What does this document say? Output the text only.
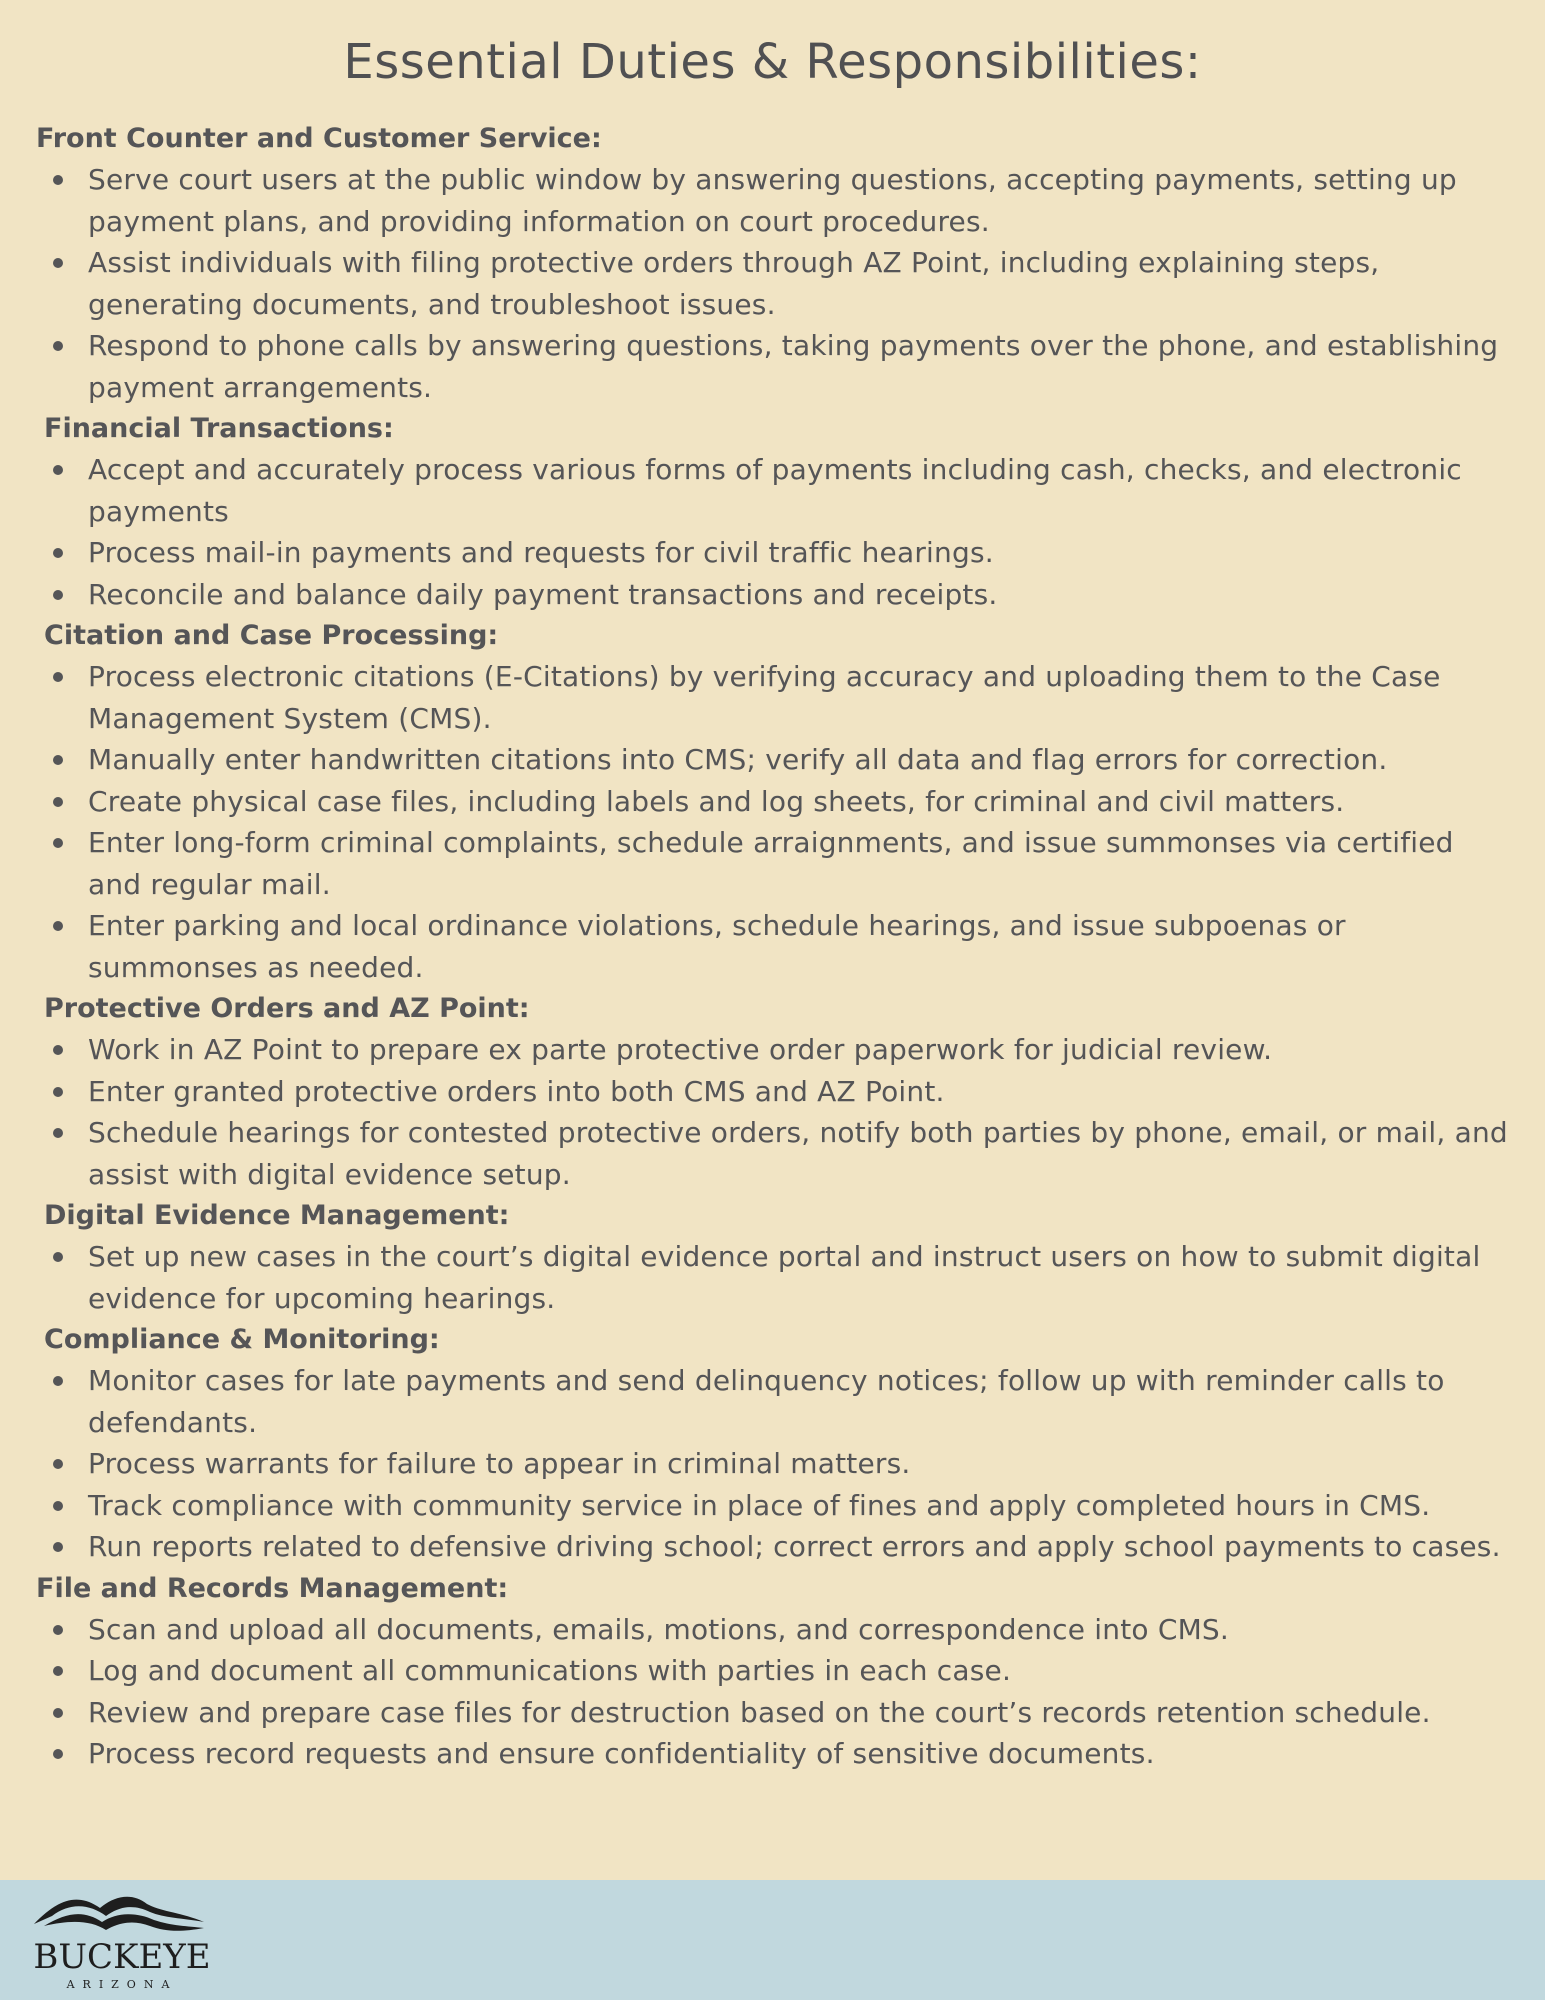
Essential Duties & Responsibilities:
Front Counter and Customer Service:
Serve court users at the public window by answering questions, accepting payments, setting up payment plans, and providing information on court procedures.
Assist individuals with filing protective orders through AZ Point, including explaining steps, generating documents, and troubleshoot issues.
Respond to phone calls by answering questions, taking payments over the phone, and establishing payment arrangements.
Financial Transactions:
Accept and accurately process various forms of payments including cash, checks, and electronic payments
Process mail-in payments and requests for civil traffic hearings.
Reconcile and balance daily payment transactions and receipts.
Citation and Case Processing:
Process electronic citations (E-Citations) by verifying accuracy and uploading them to the Case Management System (CMS).
Manually enter handwritten citations into CMS; verify all data and flag errors for correction.
Create physical case files, including labels and log sheets, for criminal and civil matters.
Enter long-form criminal complaints, schedule arraignments, and issue summonses via certified and regular mail.
Enter parking and local ordinance violations, schedule hearings, and issue subpoenas or summonses as needed.
Protective Orders and AZ Point:
Work in AZ Point to prepare ex parte protective order paperwork for judicial review.
Enter granted protective orders into both CMS and AZ Point.
Schedule hearings for contested protective orders, notify both parties by phone, email, or mail, and assist with digital evidence setup.
Digital Evidence Management:
Set up new cases in the court’s digital evidence portal and instruct users on how to submit digital evidence for upcoming hearings.
Compliance & Monitoring:
Monitor cases for late payments and send delinquency notices; follow up with reminder calls to defendants.
Process warrants for failure to appear in criminal matters.
Track compliance with community service in place of fines and apply completed hours in CMS.
Run reports related to defensive driving school; correct errors and apply school payments to cases.
File and Records Management:
Scan and upload all documents, emails, motions, and correspondence into CMS.
Log and document all communications with parties in each case.
Review and prepare case files for destruction based on the court’s records retention schedule.
Process record requests and ensure confidentiality of sensitive documents.
BUCKEYE
ARIZONA
